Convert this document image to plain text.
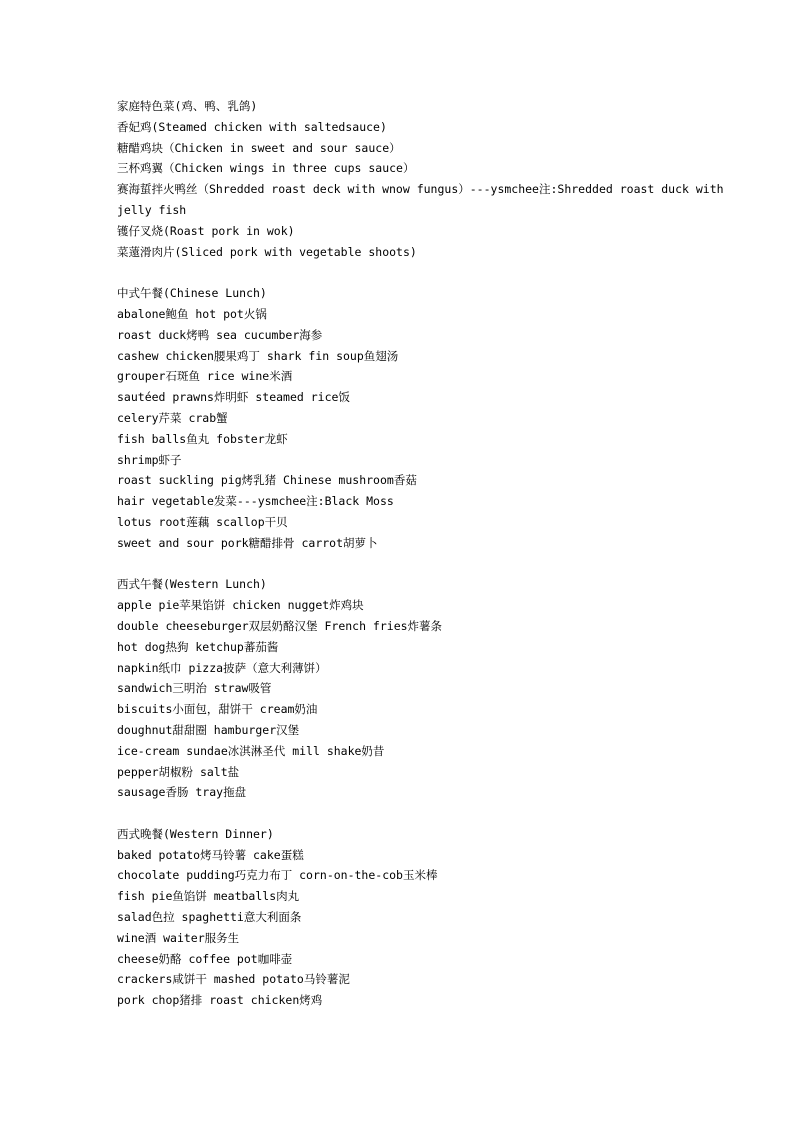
家庭特色菜(鸡、鸭、乳鸽)
香妃鸡(Steamed chicken with saltedsauce)
糖醋鸡块（Chicken in sweet and sour sauce）
三杯鸡翼（Chicken wings in three cups sauce）
赛海蜇拌火鸭丝（Shredded roast deck with wnow fungus）---ysmchee注:Shredded roast duck with jelly fish
镬仔叉烧(Roast pork in wok)
菜薳滑肉片(Sliced pork with vegetable shoots)
中式午餐(Chinese Lunch)
abalone鲍鱼 hot pot火锅
roast duck烤鸭 sea cucumber海参
cashew chicken腰果鸡丁 shark fin soup鱼翅汤
grouper石斑鱼 rice wine米酒
sautéed prawns炸明虾 steamed rice饭
celery芹菜 crab蟹
fish balls鱼丸 fobster龙虾
shrimp虾子
roast suckling pig烤乳猪 Chinese mushroom香菇
hair vegetable发菜---ysmchee注:Black Moss
lotus root莲藕 scallop干贝
sweet and sour pork糖醋排骨 carrot胡萝卜
西式午餐(Western Lunch)
apple pie苹果馅饼 chicken nugget炸鸡块
double cheeseburger双层奶酪汉堡 French fries炸薯条
hot dog热狗 ketchup蕃茄酱
napkin纸巾 pizza披萨（意大利薄饼）
sandwich三明治 straw吸管
biscuits小面包，甜饼干 cream奶油
doughnut甜甜圈 hamburger汉堡
ice-cream sundae冰淇淋圣代 mill shake奶昔
pepper胡椒粉 salt盐
sausage香肠 tray拖盘
西式晚餐(Western Dinner)
baked potato烤马铃薯 cake蛋糕
chocolate pudding巧克力布丁 corn-on-the-cob玉米棒
fish pie鱼馅饼 meatballs肉丸
salad色拉 spaghetti意大利面条
wine酒 waiter服务生
cheese奶酪 coffee pot咖啡壶
crackers咸饼干 mashed potato马铃薯泥
pork chop猪排 roast chicken烤鸡
